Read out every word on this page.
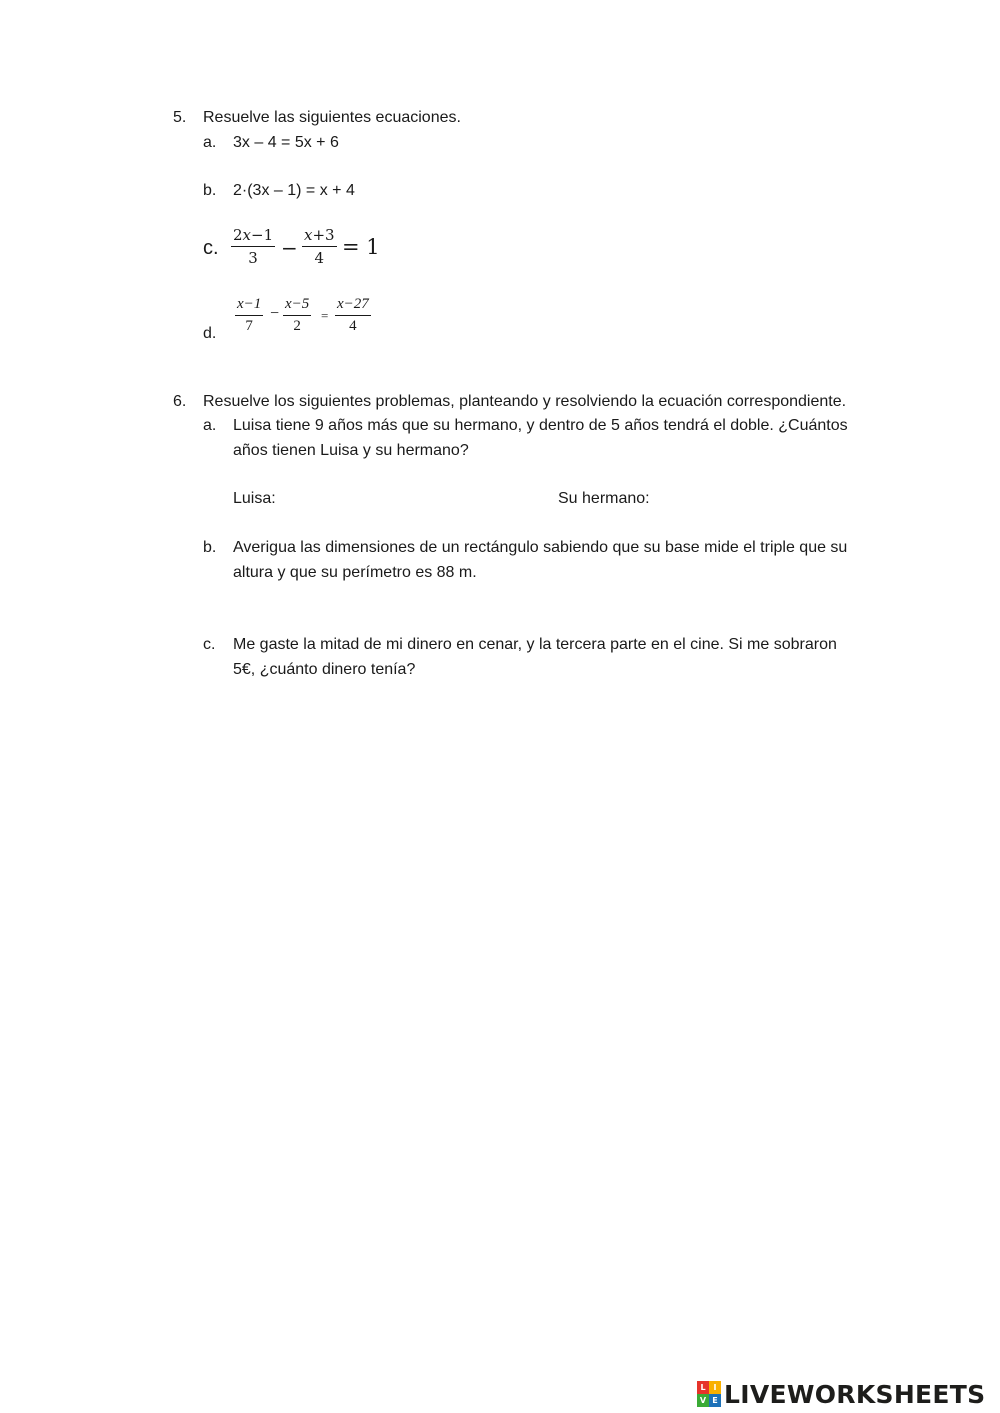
5. Resuelve las siguientes ecuaciones.
a. 3x – 4 = 5x + 6
b. 2·(3x – 1) = x + 4
c.
2𝑥−1
3	−
𝑥+3
4 = 1
d.
x−1
7
−
x−5
2
=
x−27
4
6. Resuelve los siguientes problemas, planteando y resolviendo la ecuación correspondiente.
a. Luisa tiene 9 años más que su hermano, y dentro de 5 años tendrá el doble. ¿Cuántos
años tienen Luisa y su hermano?
Luisa:	Su hermano:
b. Averigua las dimensiones de un rectángulo sabiendo que su base mide el triple que su
altura y que su perímetro es 88 m.
c. Me gaste la mitad de mi dinero en cenar, y la tercera parte en el cine. Si me sobraron
5€, ¿cuánto dinero tenía?
L I
V E LIVEWORKSHEETS
